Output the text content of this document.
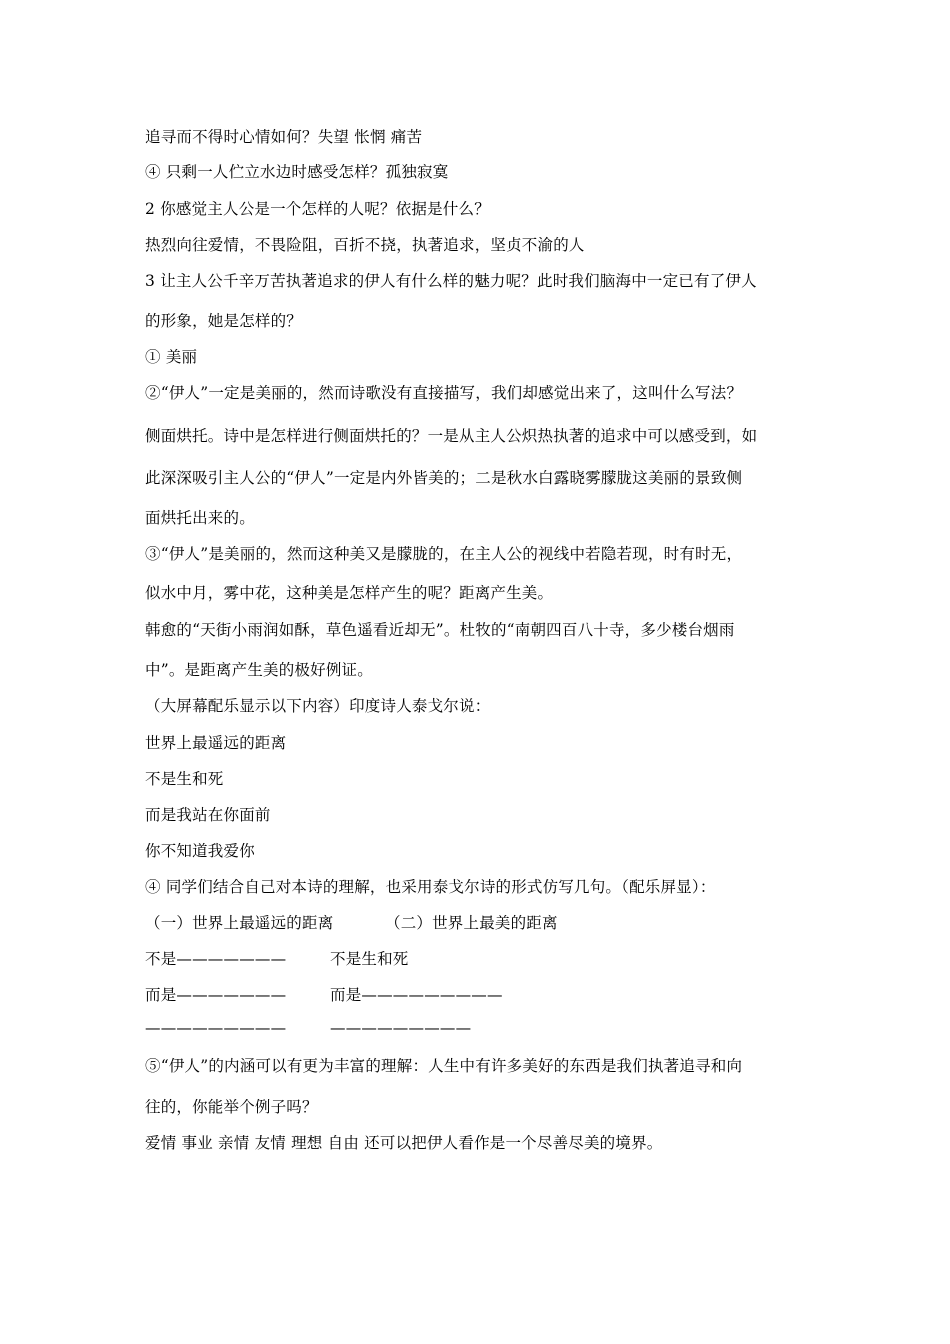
追寻而不得时心情如何？失望 怅惘 痛苦
④ 只剩一人伫立水边时感受怎样？孤独寂寞
2 你感觉主人公是一个怎样的人呢？依据是什么？
热烈向往爱情，不畏险阻，百折不挠，执著追求，坚贞不渝的人
3 让主人公千辛万苦执著追求的伊人有什么样的魅力呢？此时我们脑海中一定已有了伊人
的形象，她是怎样的？
① 美丽
②“伊人”一定是美丽的，然而诗歌没有直接描写，我们却感觉出来了，这叫什么写法？
侧面烘托。诗中是怎样进行侧面烘托的？一是从主人公炽热执著的追求中可以感受到，如
此深深吸引主人公的“伊人”一定是内外皆美的；二是秋水白露晓雾朦胧这美丽的景致侧
面烘托出来的。
③“伊人”是美丽的，然而这种美又是朦胧的，在主人公的视线中若隐若现，时有时无，
似水中月，雾中花，这种美是怎样产生的呢？距离产生美。
韩愈的“天街小雨润如酥，草色遥看近却无”。杜牧的“南朝四百八十寺，多少楼台烟雨
中”。是距离产生美的极好例证。
（大屏幕配乐显示以下内容）印度诗人泰戈尔说：
世界上最遥远的距离
不是生和死
而是我站在你面前
你不知道我爱你
④ 同学们结合自己对本诗的理解，也采用泰戈尔诗的形式仿写几句。（配乐屏显）：
（一）世界上最遥远的距离	（二）世界上最美的距离
不是———————	不是生和死
而是———————	而是—————————
—————————	—————————
⑤“伊人”的内涵可以有更为丰富的理解：人生中有许多美好的东西是我们执著追寻和向
往的，你能举个例子吗？
爱情 事业 亲情 友情 理想 自由 还可以把伊人看作是一个尽善尽美的境界。
